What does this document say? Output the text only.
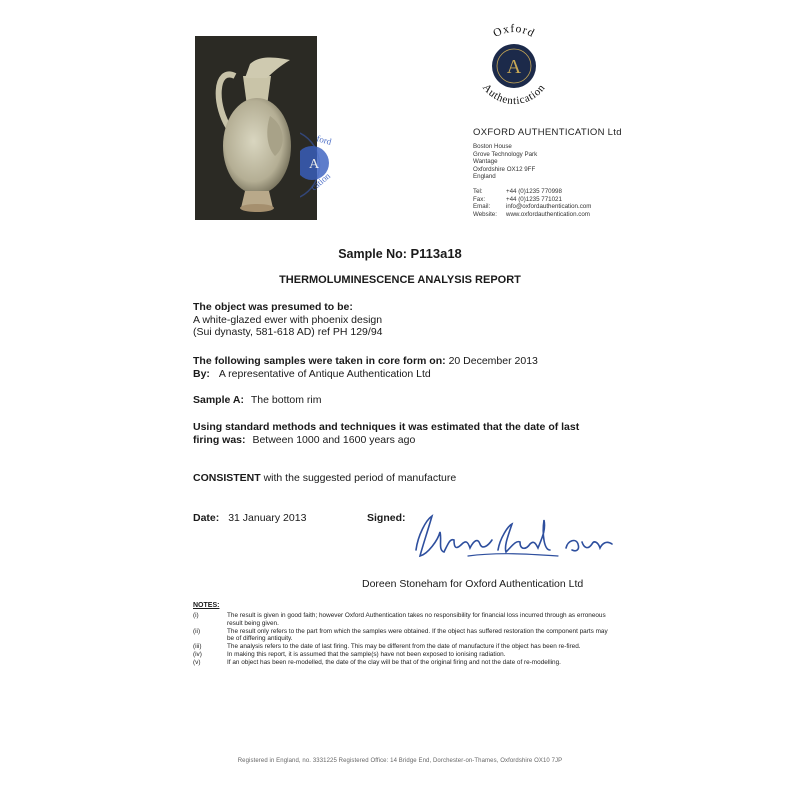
A
ford
cation
Oxford
A
Authentication
OXFORD AUTHENTICATION Ltd
Boston House
Grove Technology Park
Wantage
Oxfordshire OX12 9FF
England
Tel:	+44 (0)1235 770998
Fax:	+44 (0)1235 771021
Email:	info@oxfordauthentication.com
Website:	www.oxfordauthentication.com
Sample No: P113a18
THERMOLUMINESCENCE ANALYSIS REPORT
The object was presumed to be:
A white-glazed ewer with phoenix design
(Sui dynasty, 581-618 AD) ref PH 129/94
The following samples were taken in core form on: 20 December 2013
By: A representative of Antique Authentication Ltd
Sample A: The bottom rim
Using standard methods and techniques it was estimated that the date of last
firing was: Between 1000 and 1600 years ago
CONSISTENT with the suggested period of manufacture
Date: 31 January 2013	Signed:
Doreen Stoneham for Oxford Authentication Ltd
NOTES:
(i)	The result is given in good faith; however Oxford Authentication takes no responsibility for financial loss incurred through as erroneous result being given.
(ii)	The result only refers to the part from which the samples were obtained. If the object has suffered restoration the component parts may be of differing antiquity.
(iii)	The analysis refers to the date of last firing. This may be different from the date of manufacture if the object has been re-fired.
(iv)	In making this report, it is assumed that the sample(s) have not been exposed to ionising radiation.
(v)	If an object has been re-modelled, the date of the clay will be that of the original firing and not the date of re-modelling.
Registered in England, no. 3331225 Registered Office: 14 Bridge End, Dorchester-on-Thames, Oxfordshire OX10 7JP
